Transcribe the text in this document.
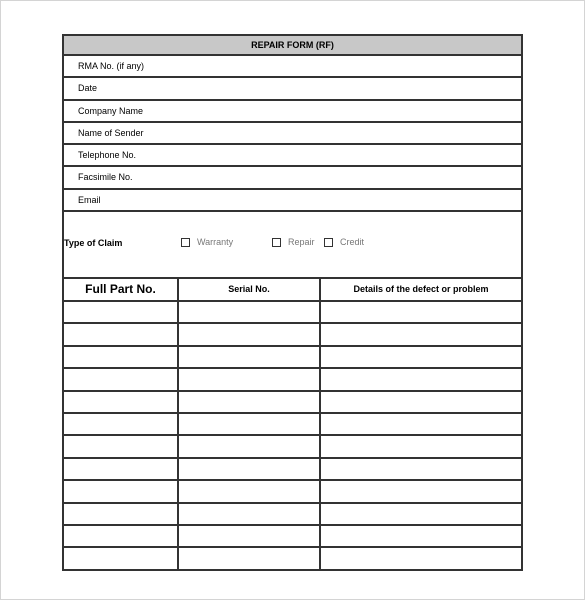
REPAIR FORM (RF)
RMA No. (if any)
Date
Company Name
Name of Sender
Telephone No.
Facsimile No.
Email
Type of Claim	Warranty	Repair	Credit
Full Part No.	Serial No.	Details of the defect or problem
